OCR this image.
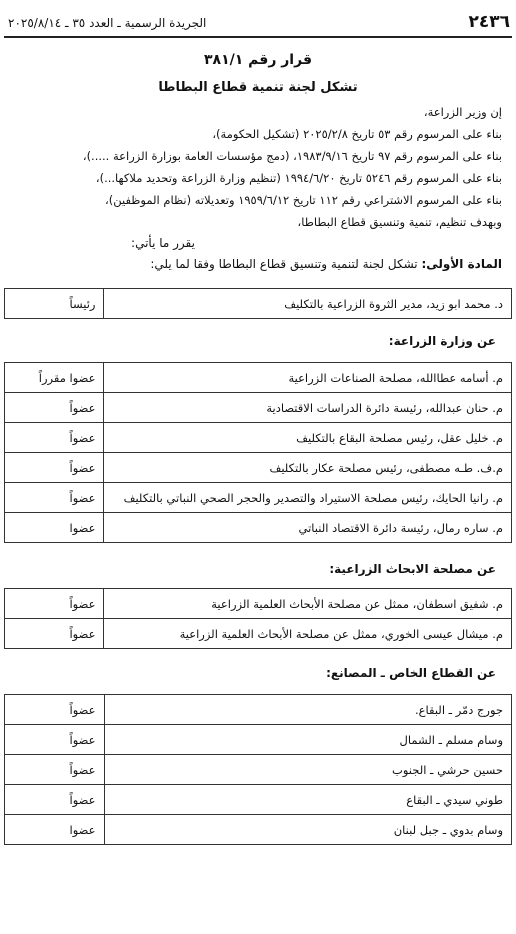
٢٤٣٦
الجريدة الرسمية ـ العدد ٣٥ ـ ٢٠٢٥/٨/١٤
قرار رقم ٣٨١/١
تشكل لجنة تنمية قطاع البطاطا
إن وزير الزراعة،
بناء على المرسوم رقم ٥٣ تاريخ ٢٠٢٥/٢/٨ (تشكيل الحكومة)،
بناء على المرسوم رقم ٩٧ تاريخ ١٩٨٣/٩/١٦، (دمج مؤسسات العامة بوزارة الزراعة .....)،
بناء على المرسوم رقم ٥٢٤٦ تاريخ ١٩٩٤/٦/٢٠ (تنظيم وزارة الزراعة وتحديد ملاكها...)،
بناء على المرسوم الاشتراعي رقم ١١٢ تاريخ ١٩٥٩/٦/١٢ وتعديلاته (نظام الموظفين)،
وبهدف تنظيم، تنمية وتنسيق قطاع البطاطا،
يقرر ما يأتي:
المادة الأولى: تشكل لجنة لتنمية وتنسيق قطاع البطاطا وفقا لما يلي:
د. محمد ابو زيد، مدير الثروة الزراعية بالتكليف	رئيساً
عن وزارة الزراعة:
م. أسامه عطاالله، مصلحة الصناعات الزراعية	عضوا مقرراً
م. حنان عبدالله، رئيسة دائرة الدراسات الاقتصادية	عضواً
م. خليل عقل، رئيس مصلحة البقاع بالتكليف	عضواً
م.ف. طـه مصطفى، رئيس مصلحة عكار بالتكليف	عضواً
م. رانيا الحايك، رئيس مصلحة الاستيراد والتصدير والحجر الصحي النباتي بالتكليف	عضواً
م. ساره رمال، رئيسة دائرة الاقتصاد النباتي	عضوا
عن مصلحة الابحاث الزراعية:
م. شفيق اسطفان، ممثل عن مصلحة الأبحاث العلمية الزراعية	عضواً
م. ميشال عيسى الخوري، ممثل عن مصلحة الأبحاث العلمية الزراعية	عضواً
عن القطاع الخاص ـ المصانع:
جورج دمّر ـ البقاع.	عضواً
وسام مسلم ـ الشمال	عضواً
حسين حرشي ـ الجنوب	عضواً
طوني سيدي ـ البقاع	عضواً
وسام بدوي ـ جبل لبنان	عضوا
